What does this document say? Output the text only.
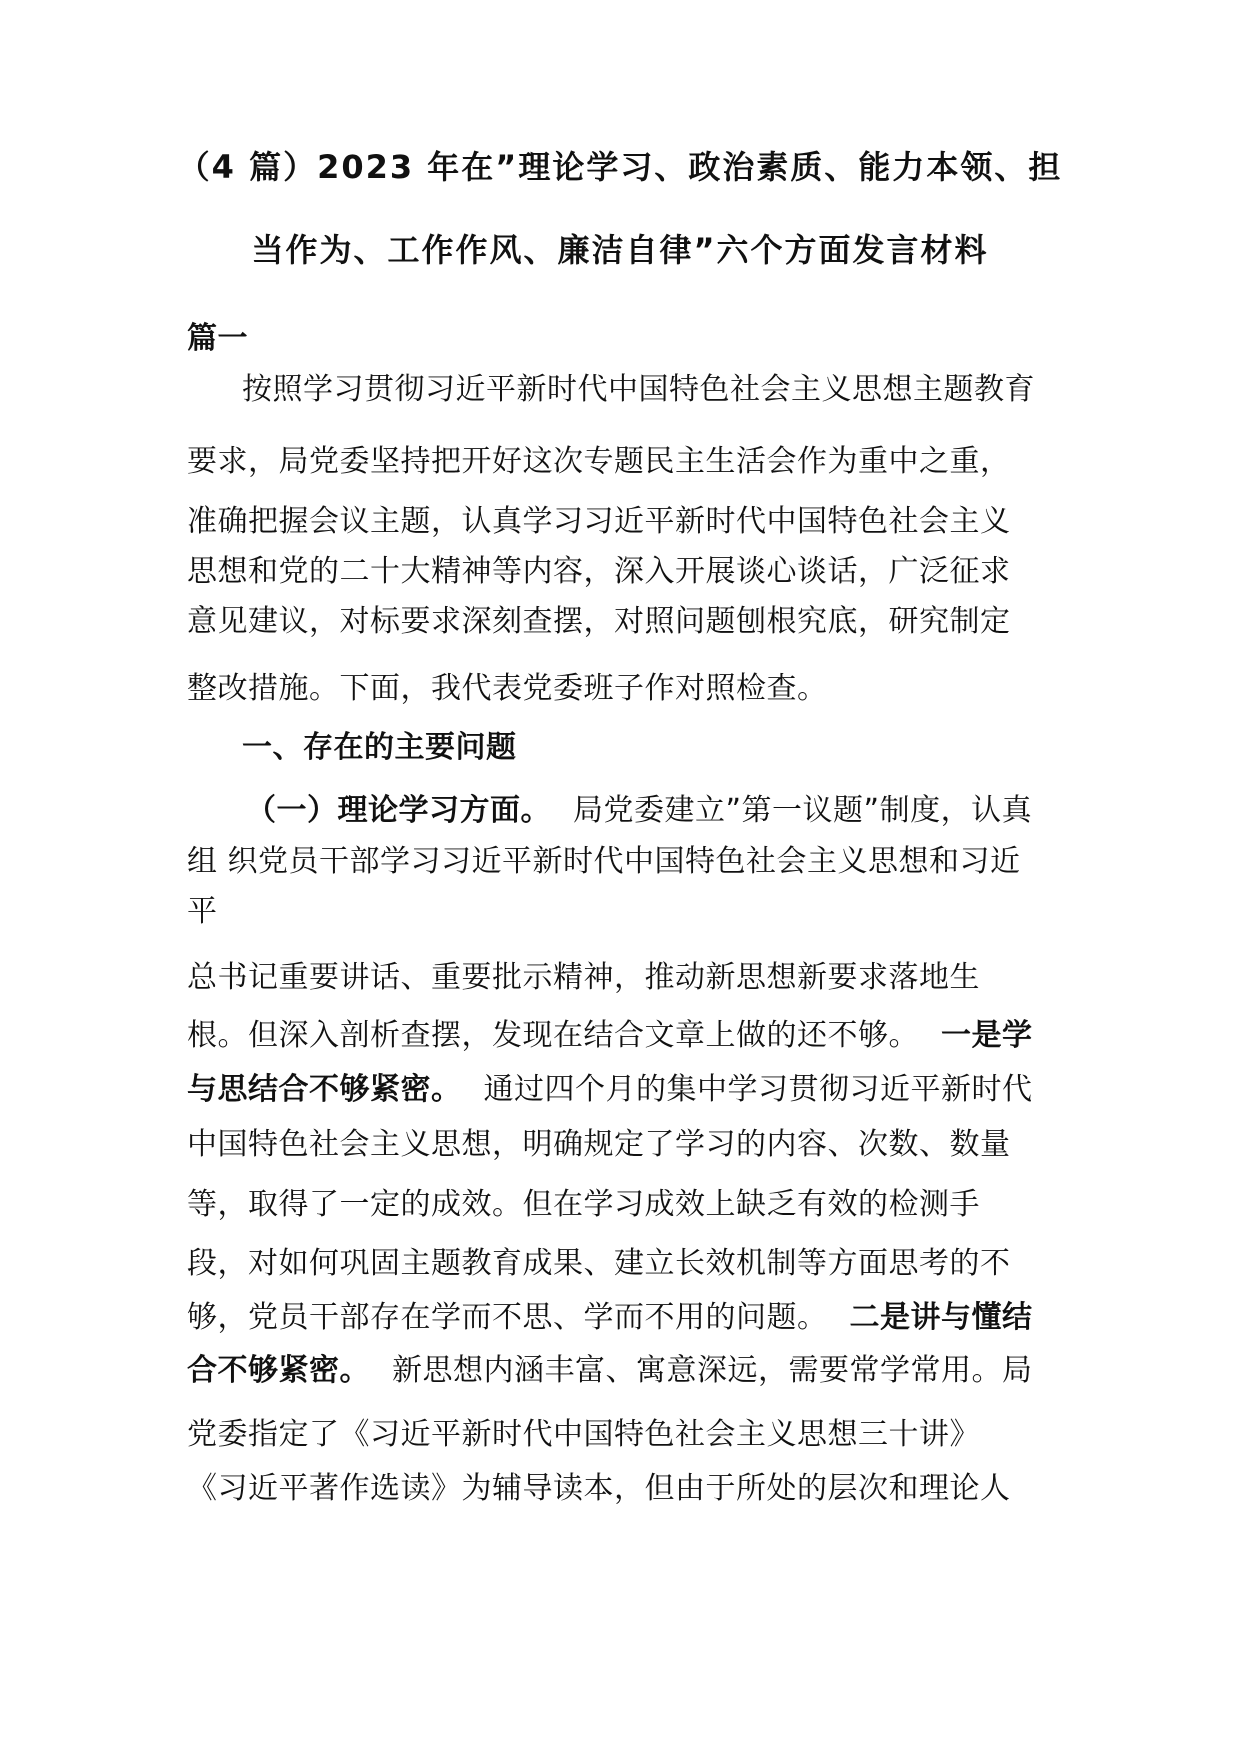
（4 篇）2023 年在”理论学习、政治素质、能力本领、担
当作为、工作作风、廉洁自律”六个方面发言材料
篇一
按照学习贯彻习近平新时代中国特色社会主义思想主题教育
要求，局党委坚持把开好这次专题民主生活会作为重中之重，
准确把握会议主题，认真学习习近平新时代中国特色社会主义
思想和党的二十大精神等内容，深入开展谈心谈话，广泛征求
意见建议，对标要求深刻查摆，对照问题刨根究底，研究制定
整改措施。下面，我代表党委班子作对照检查。
一、存在的主要问题
（一）理论学习方面。 局党委建立”第一议题”制度，认真
组 织党员干部学习习近平新时代中国特色社会主义思想和习近
平
总书记重要讲话、重要批示精神，推动新思想新要求落地生
根。但深入剖析查摆，发现在结合文章上做的还不够。 一是学
与思结合不够紧密。 通过四个月的集中学习贯彻习近平新时代
中国特色社会主义思想，明确规定了学习的内容、次数、数量
等，取得了一定的成效。但在学习成效上缺乏有效的检测手
段，对如何巩固主题教育成果、建立长效机制等方面思考的不
够，党员干部存在学而不思、学而不用的问题。 二是讲与懂结
合不够紧密。 新思想内涵丰富、寓意深远，需要常学常用。局
党委指定了《习近平新时代中国特色社会主义思想三十讲》
《习近平著作选读》为辅导读本，但由于所处的层次和理论人
